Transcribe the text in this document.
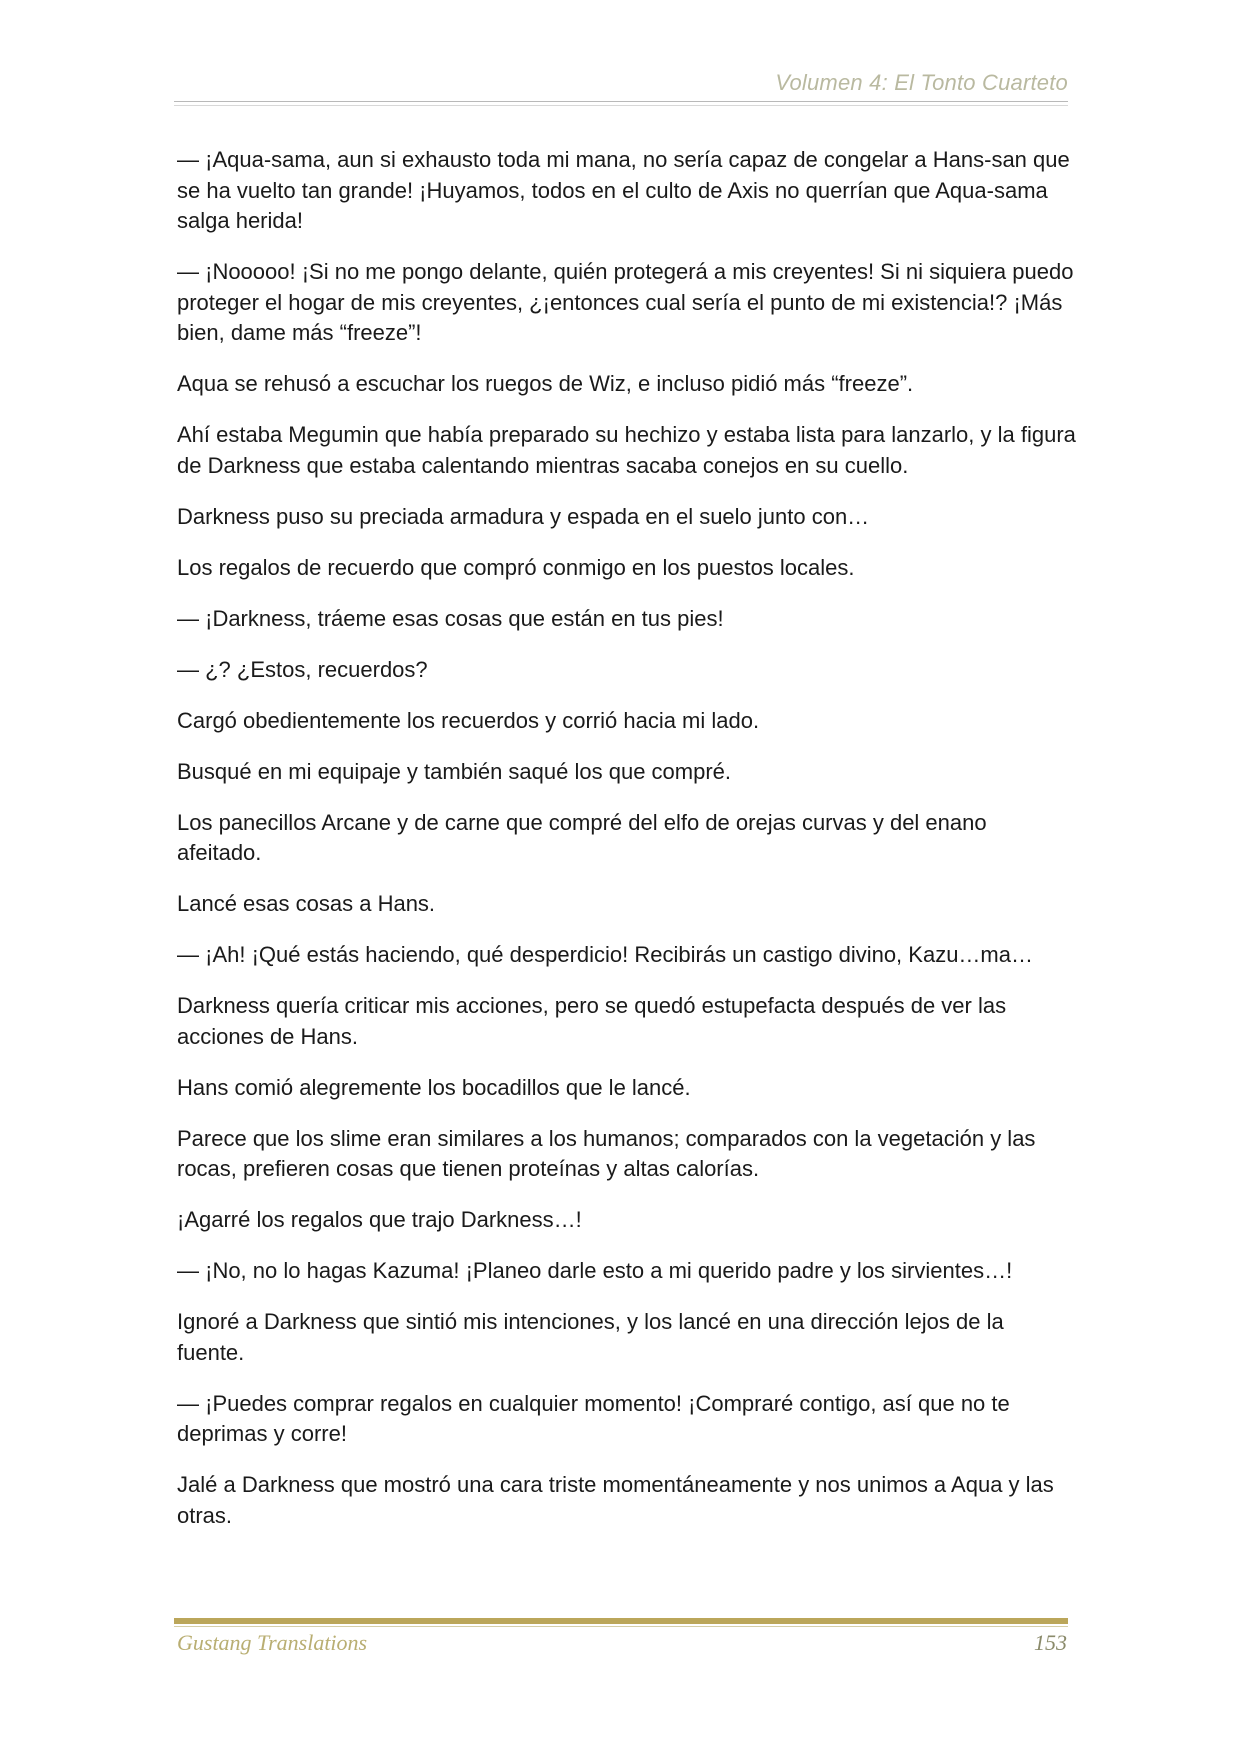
Volumen 4: El Tonto Cuarteto

— ¡Aqua-sama, aun si exhausto toda mi mana, no sería capaz de congelar a Hans-san que se ha vuelto tan grande! ¡Huyamos, todos en el culto de Axis no querrían que Aqua-sama salga herida!

— ¡Nooooo! ¡Si no me pongo delante, quién protegerá a mis creyentes! Si ni siquiera puedo proteger el hogar de mis creyentes, ¿¡entonces cual sería el punto de mi existencia!? ¡Más bien, dame más “freeze”!

Aqua se rehusó a escuchar los ruegos de Wiz, e incluso pidió más “freeze”.

Ahí estaba Megumin que había preparado su hechizo y estaba lista para lanzarlo, y la figura de Darkness que estaba calentando mientras sacaba conejos en su cuello.

Darkness puso su preciada armadura y espada en el suelo junto con…

Los regalos de recuerdo que compró conmigo en los puestos locales.

— ¡Darkness, tráeme esas cosas que están en tus pies!

— ¿? ¿Estos, recuerdos?

Cargó obedientemente los recuerdos y corrió hacia mi lado.

Busqué en mi equipaje y también saqué los que compré.

Los panecillos Arcane y de carne que compré del elfo de orejas curvas y del enano afeitado.

Lancé esas cosas a Hans.

— ¡Ah! ¡Qué estás haciendo, qué desperdicio! Recibirás un castigo divino, Kazu…ma…

Darkness quería criticar mis acciones, pero se quedó estupefacta después de ver las acciones de Hans.

Hans comió alegremente los bocadillos que le lancé.

Parece que los slime eran similares a los humanos; comparados con la vegetación y las rocas, prefieren cosas que tienen proteínas y altas calorías.

¡Agarré los regalos que trajo Darkness…!

— ¡No, no lo hagas Kazuma! ¡Planeo darle esto a mi querido padre y los sirvientes…!

Ignoré a Darkness que sintió mis intenciones, y los lancé en una dirección lejos de la fuente.

— ¡Puedes comprar regalos en cualquier momento! ¡Compraré contigo, así que no te deprimas y corre!

Jalé a Darkness que mostró una cara triste momentáneamente y nos unimos a Aqua y las otras.

Gustang Translations	153
